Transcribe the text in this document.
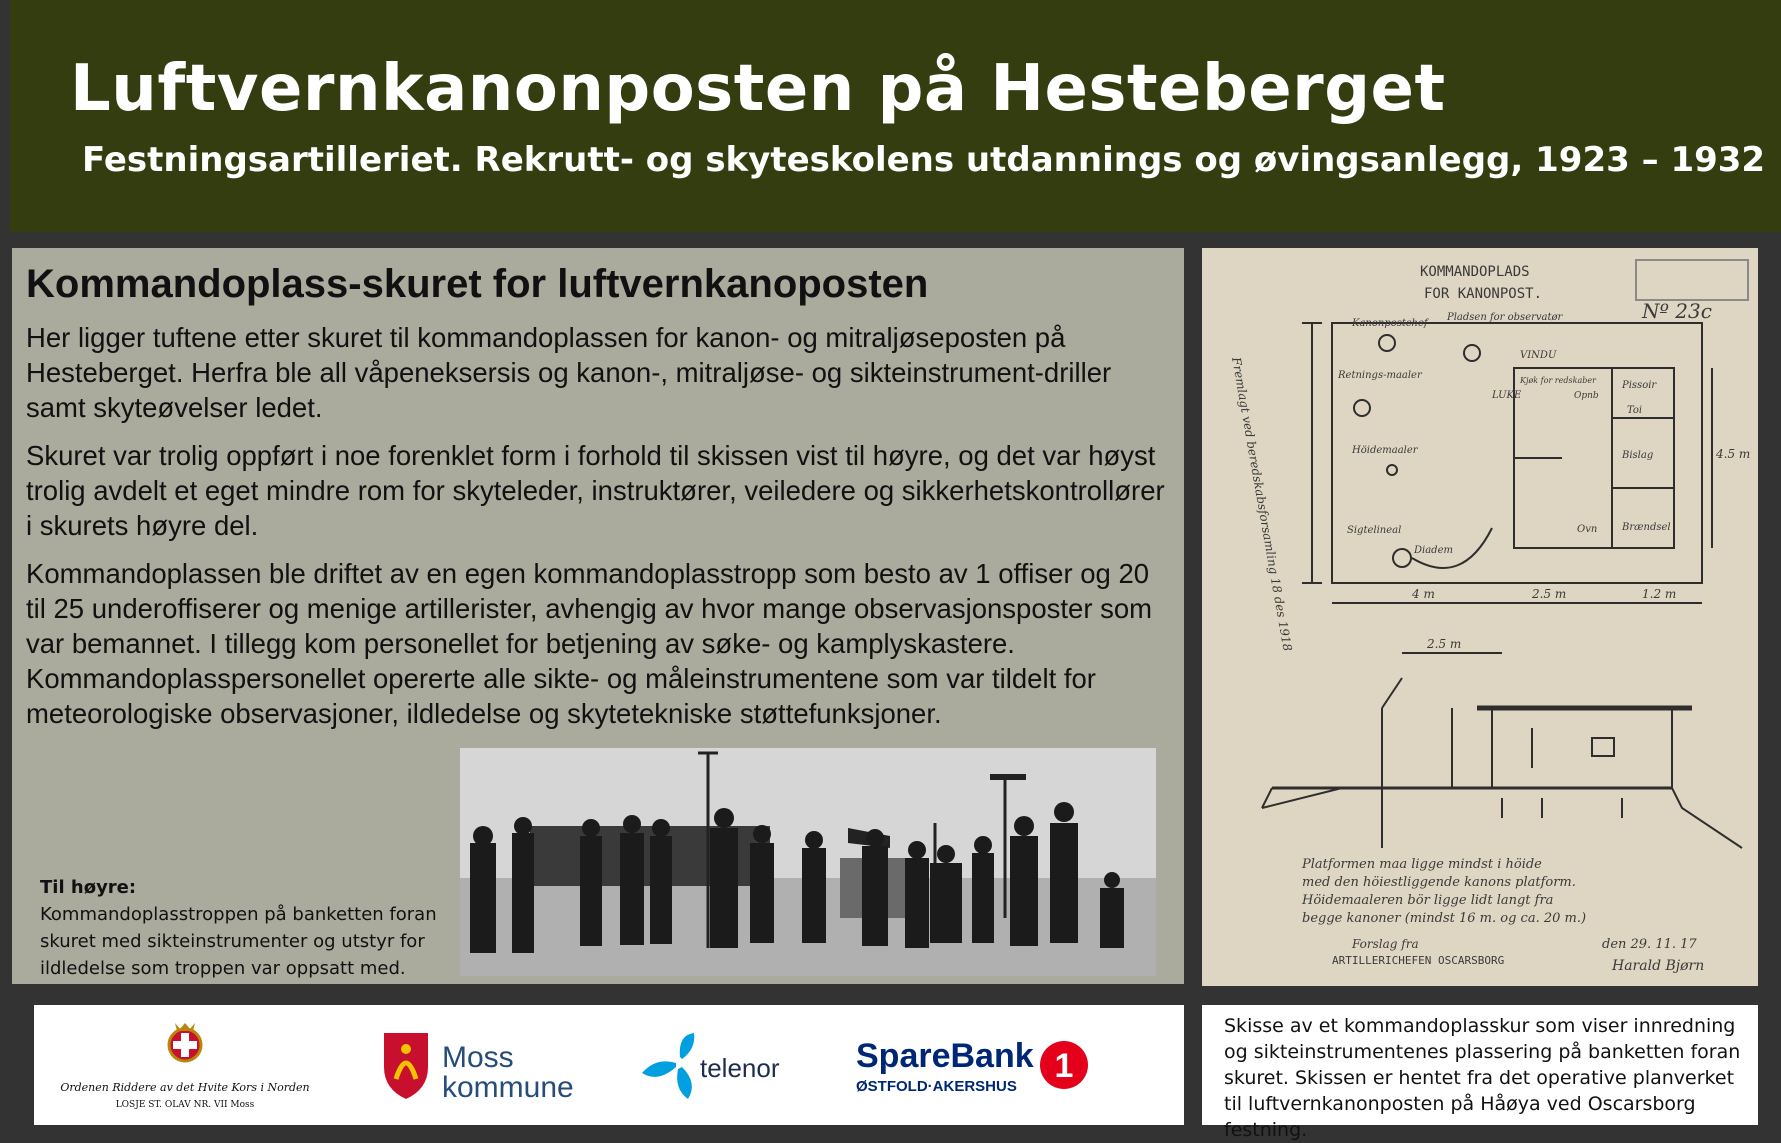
Luftvernkanonposten på Hesteberget
Festningsartilleriet. Rekrutt- og skyteskolens utdannings og øvingsanlegg, 1923 – 1932
Kommandoplass-skuret for luftvernkanoposten

Her ligger tuftene etter skuret til kommandoplassen for kanon- og mitraljøseposten på Hesteberget. Herfra ble all våpeneksersis og kanon-, mitraljøse- og sikteinstrument-driller samt skyteøvelser ledet.

Skuret var trolig oppført i noe forenklet form i forhold til skissen vist til høyre, og det var høyst trolig avdelt et eget mindre rom for skyteleder, instruktører, veiledere og sikkerhetskontrollører i skurets høyre del.

Kommandoplassen ble driftet av en egen kommandoplasstropp som besto av 1 offiser og 20 til 25 underoffiserer og menige artillerister, avhengig av hvor mange observasjonsposter som var bemannet. I tillegg kom personellet for betjening av søke- og kamplyskastere. Kommandoplasspersonellet opererte alle sikte- og måleinstrumentene som var tildelt for meteorologiske observasjoner, ildledelse og skytetekniske støttefunksjoner.

Til høyre:
Kommandoplasstroppen på banketten foran skuret med sikteinstrumenter og utstyr for ildledelse som troppen var oppsatt med.
KOMMANDOPLADS
FOR KANONPOST.
Nº 23c
Kanonpostchef
Pladsen for observatør
Retnings-maaler
Höidemaaler
Sigtelineal
Diadem
VINDU
LUKE
Kjøk for redskaber
Opnb
Pissoir
Toi
Bislag
Ovn Brændsel
4 m	2.5 m	1.2 m
4.5 m
2.5 m
Platformen maa ligge mindst i höide
med den höiestliggende kanons platform.
Höidemaaleren bör ligge lidt langt fra
begge kanoner (mindst 16 m. og ca. 20 m.)
Forslag fra
ARTILLERICHEFEN OSCARSBORG
den 29. 11. 17
Harald Bjørn
Fremlagt ved beredskabsforsamling 18 des 1918
Ordenen Riddere av det Hvite Kors i Norden
LOSJE ST. OLAV NR. VII Moss
Moss
kommune
telenor SpareBank 1
ØSTFOLD·AKERSHUS

Skisse av et kommandoplasskur som viser innredning og sikteinstrumentenes plassering på banketten foran skuret. Skissen er hentet fra det operative planverket til luftvernkanonposten på Håøya ved Oscarsborg festning.
